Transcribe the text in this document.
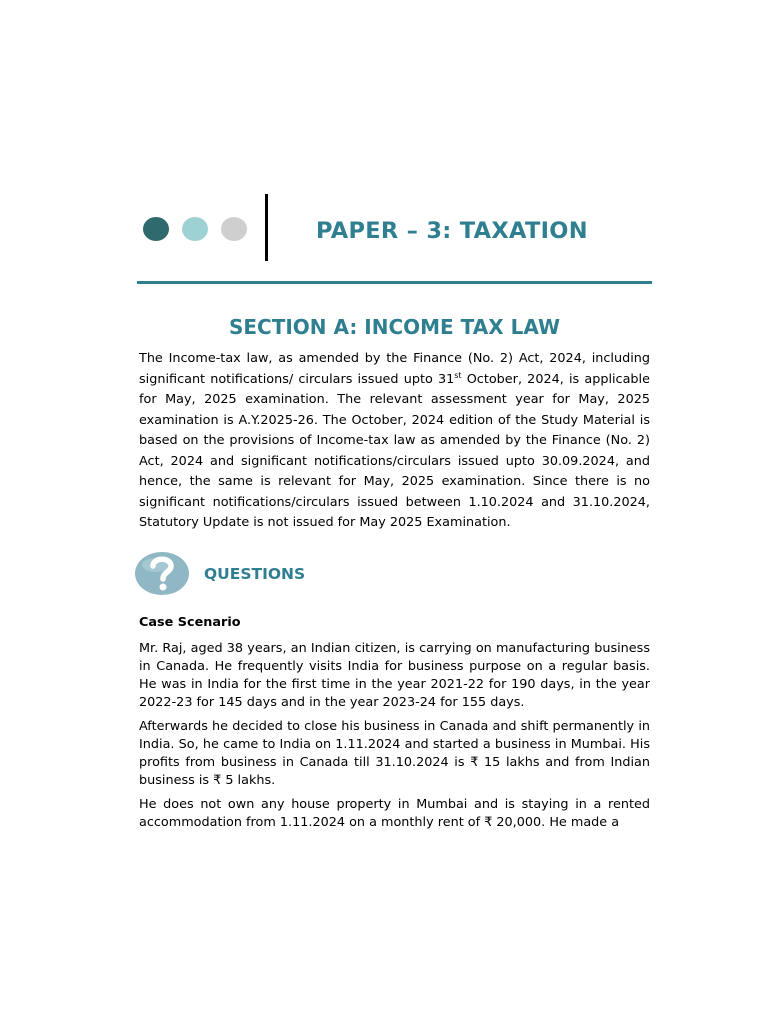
PAPER – 3: TAXATION
SECTION A: INCOME TAX LAW

The Income-tax law, as amended by the Finance (No. 2) Act, 2024, including significant notifications/ circulars issued upto 31st October, 2024, is applicable for May, 2025 examination. The relevant assessment year for May, 2025 examination is A.Y.2025-26. The October, 2024 edition of the Study Material is based on the provisions of Income-tax law as amended by the Finance (No. 2) Act, 2024 and significant notifications/circulars issued upto 30.09.2024, and hence, the same is relevant for May, 2025 examination. Since there is no significant notifications/circulars issued between 1.10.2024 and 31.10.2024, Statutory Update is not issued for May 2025 Examination.

QUESTIONS
Case Scenario

Mr. Raj, aged 38 years, an Indian citizen, is carrying on manufacturing business in Canada. He frequently visits India for business purpose on a regular basis. He was in India for the first time in the year 2021-22 for 190 days, in the year 2022-23 for 145 days and in the year 2023-24 for 155 days.

Afterwards he decided to close his business in Canada and shift permanently in India. So, he came to India on 1.11.2024 and started a business in Mumbai. His profits from business in Canada till 31.10.2024 is ₹ 15 lakhs and from Indian business is ₹ 5 lakhs.

He does not own any house property in Mumbai and is staying in a rented accommodation from 1.11.2024 on a monthly rent of ₹ 20,000. He made a
